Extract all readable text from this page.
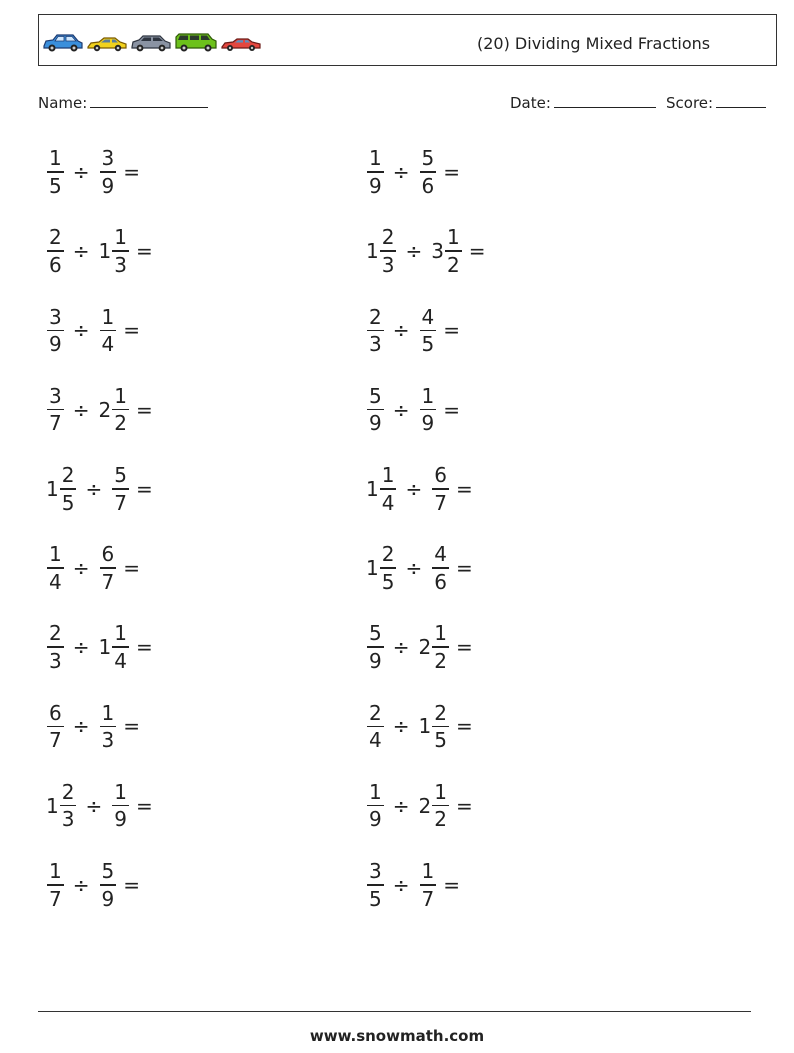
(20) Dividing Mixed Fractions
Name:	Date:	Score:
$\frac{1}{5} \div \frac{3}{9}$ =	$\frac{1}{9} \div \frac{5}{6}$ =
$\frac{2}{6} \div 1 \frac{1}{3}$ =	$1 \frac{2}{3} \div 3 \frac{1}{2}$ =
$\frac{3}{9} \div \frac{1}{4}$ =	$\frac{2}{3} \div \frac{4}{5}$ =
$\frac{3}{7} \div 2 \frac{1}{2}$ =	$\frac{5}{9} \div \frac{1}{9}$ =
$1 \frac{2}{5} \div \frac{5}{7}$ =	$1 \frac{1}{4} \div \frac{6}{7}$ =
$\frac{1}{4} \div \frac{6}{7}$ =	$1 \frac{2}{5} \div \frac{4}{6}$ =
$\frac{2}{3} \div 1 \frac{1}{4}$ =	$\frac{5}{9} \div 2 \frac{1}{2}$ =
$\frac{6}{7} \div \frac{1}{3}$ =	$\frac{2}{4} \div 1 \frac{2}{5}$ =
$1 \frac{2}{3} \div \frac{1}{9}$ =	$\frac{1}{9} \div 2 \frac{1}{2}$ =
$\frac{1}{7} \div \frac{5}{9}$ =	$\frac{3}{5} \div \frac{1}{7}$ =
www.snowmath.com
